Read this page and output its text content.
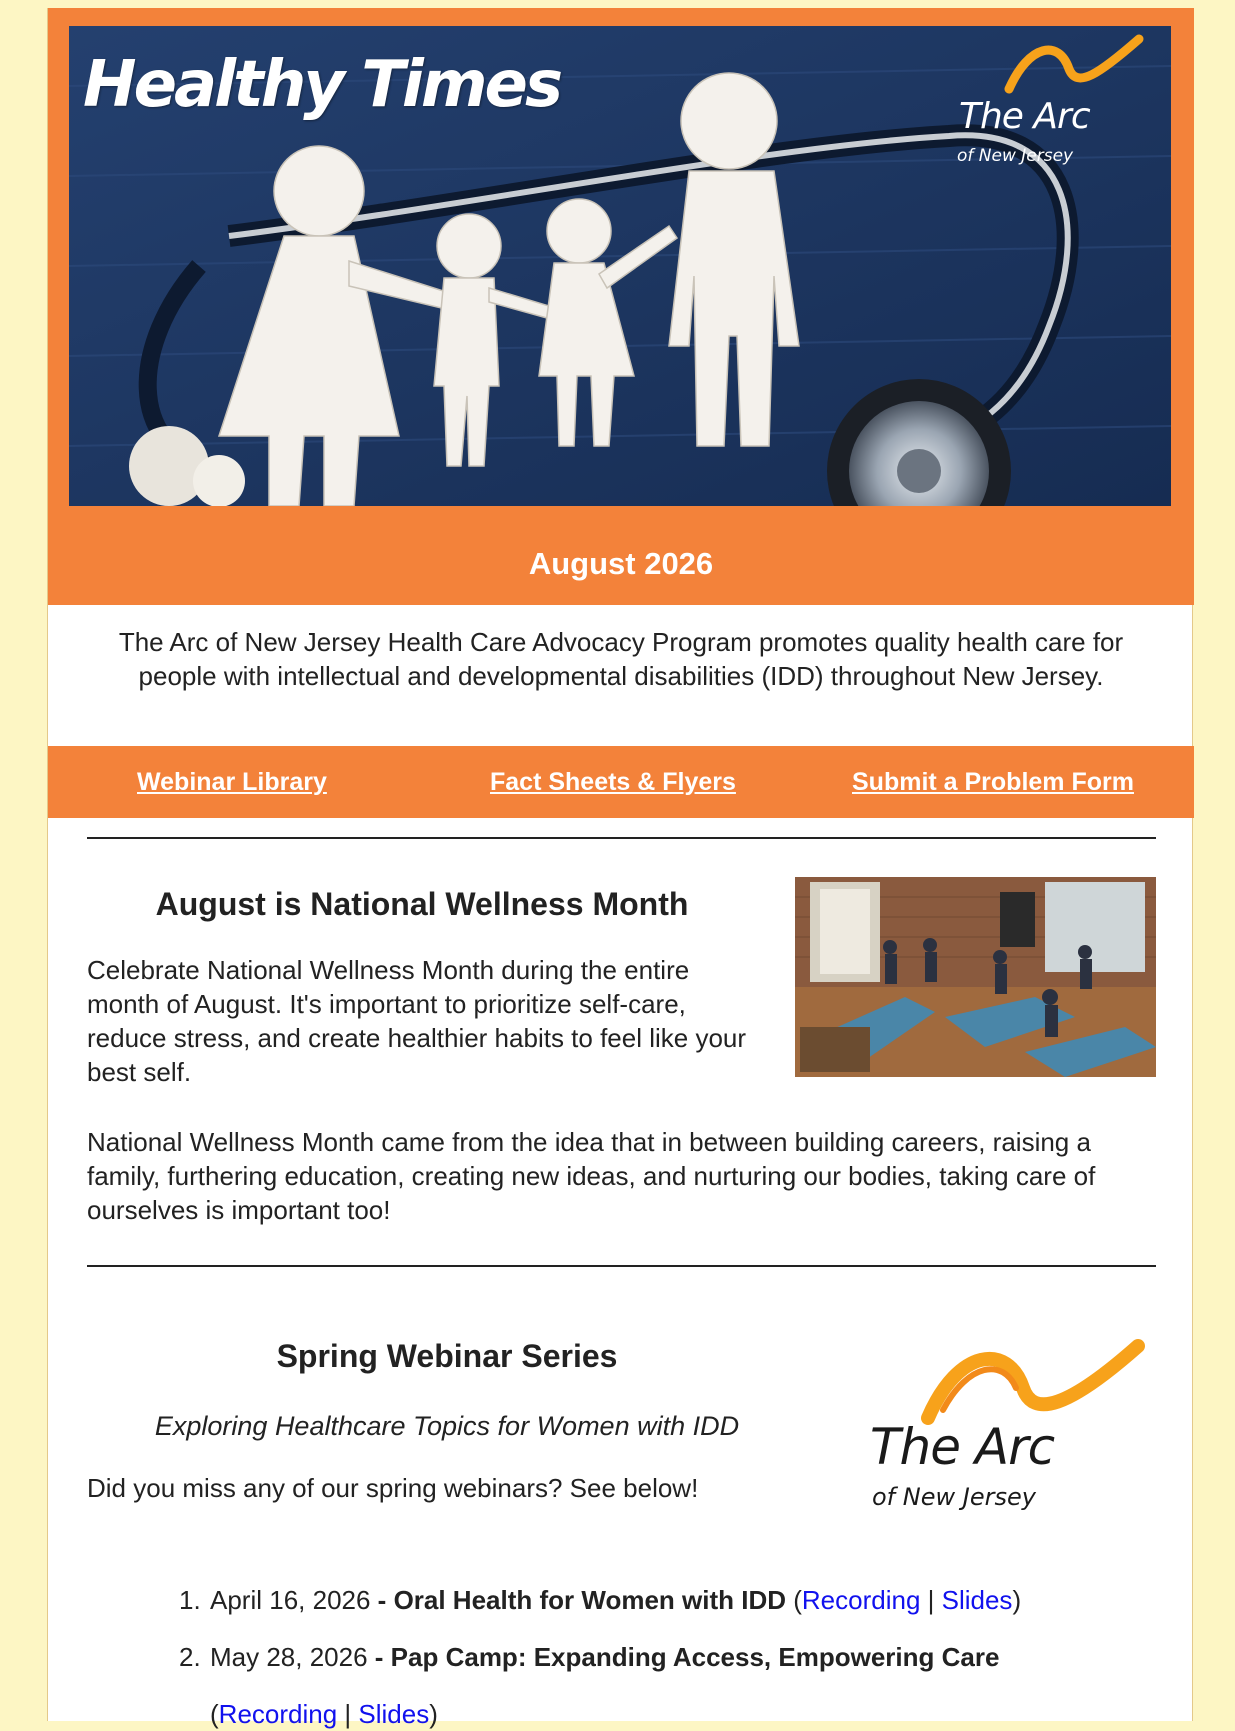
Healthy Times	The Arc
of New Jersey
August 2026
The Arc of New Jersey Health Care Advocacy Program promotes quality health care for people with intellectual and developmental disabilities (IDD) throughout New Jersey.
Webinar Library	Fact Sheets & Flyers	Submit a Problem Form
August is National Wellness Month
Celebrate National Wellness Month during the entire month of August. It's important to prioritize self-care, reduce stress, and create healthier habits to feel like your best self.
National Wellness Month came from the idea that in between building careers, raising a family, furthering education, creating new ideas, and nurturing our bodies, taking care of ourselves is important too!
Spring Webinar Series
Exploring Healthcare Topics for Women with IDD
Did you miss any of our spring webinars? See below!
The Arc
of New Jersey
1. April 16, 2026 - Oral Health for Women with IDD (Recording | Slides)
2. May 28, 2026 - Pap Camp: Expanding Access, Empowering Care
(Recording | Slides)
